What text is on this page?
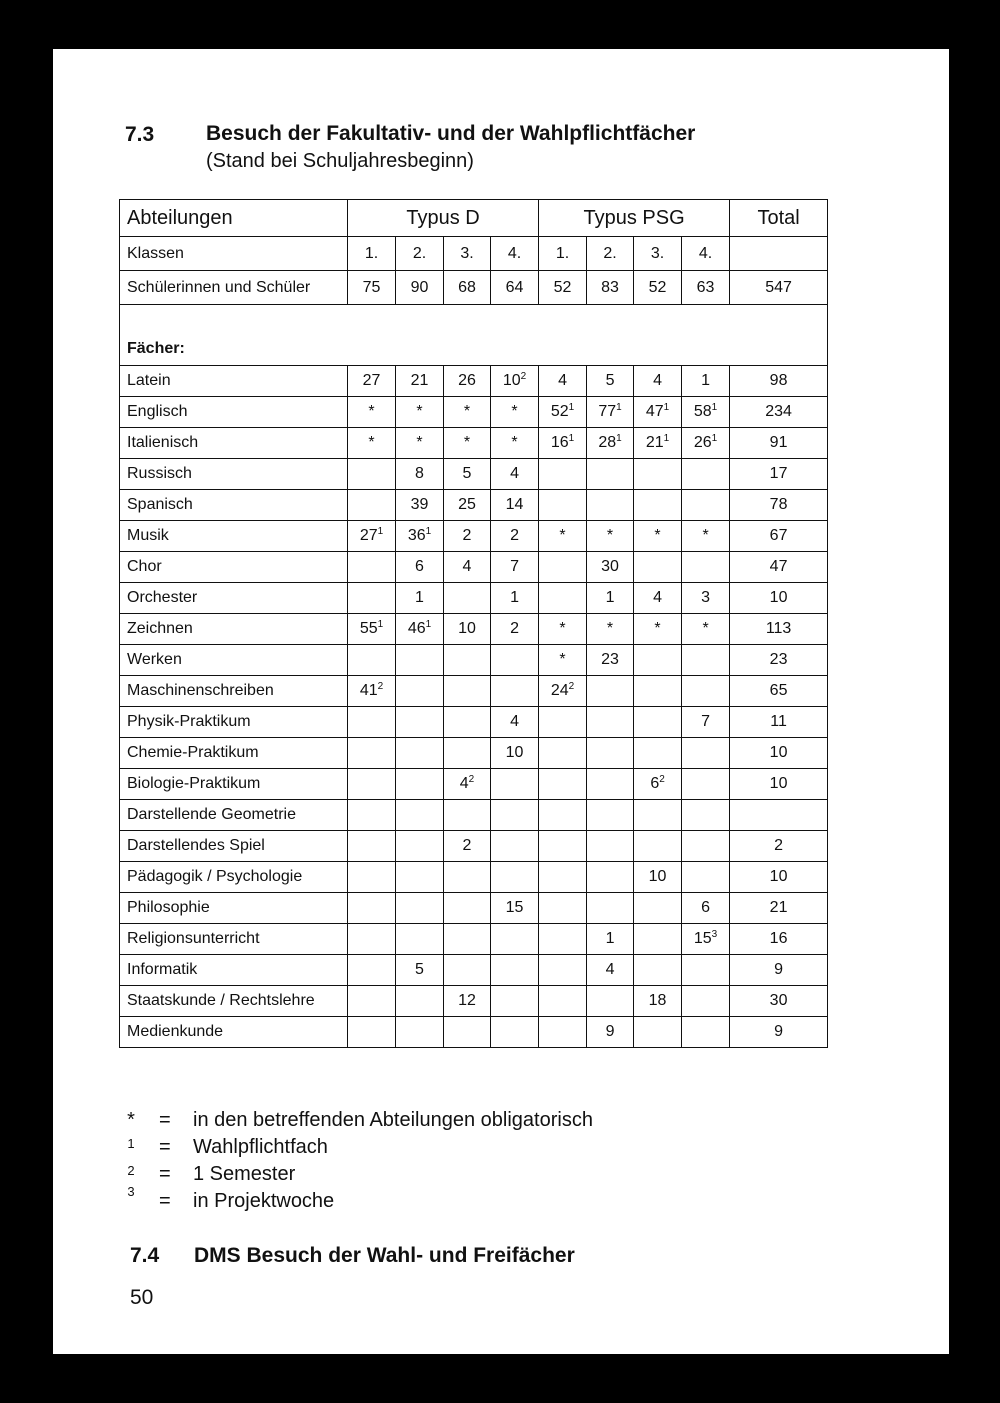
7.3 Besuch der Fakultativ- und der Wahlpflichtfächer
(Stand bei Schuljahresbeginn)
Abteilungen	Typus D				Typus PSG				Total
Klassen	1.	2.	3.	4.	1.	2.	3.	4.	
Schülerinnen und Schüler	75	90	68	64	52	83	52	63	547

Fächer:									
Latein	27	21	26	$10^2$	4	5	4	1	98
Englisch	*	*	*	*	$52^1$	$77^1$	$47^1$	$58^1$	234
Italienisch	*	*	*	*	$16^1$	$28^1$	$21^1$	$26^1$	91
Russisch		8	5	4					17
Spanisch		39	25	14					78
Musik	$27^1$	$36^1$	2	2	*	*	*	*	67
Chor		6	4	7		30			47
Orchester		1		1		1	4	3	10
Zeichnen	$55^1$	$46^1$	10	2	*	*	*	*	113
Werken					*	23			23
Maschinenschreiben	$41^2$				$24^2$				65
Physik-Praktikum				4				7	11
Chemie-Praktikum				10					10
Biologie-Praktikum			$4^2$				$6^2$		10
Darstellende Geometrie									
Darstellendes Spiel			2						2
Pädagogik / Psychologie							10		10
Philosophie				15				6	21
Religionsunterricht						1		$15^3$	16
Informatik		5				4			9
Staatskunde / Rechtslehre			12				18		30
Medienkunde						9			9
* = in den betreffenden Abteilungen obligatorisch
1 = Wahlpflichtfach
2 = 1 Semester
3 = in Projektwoche
7.4 DMS Besuch der Wahl- und Freifächer
50
